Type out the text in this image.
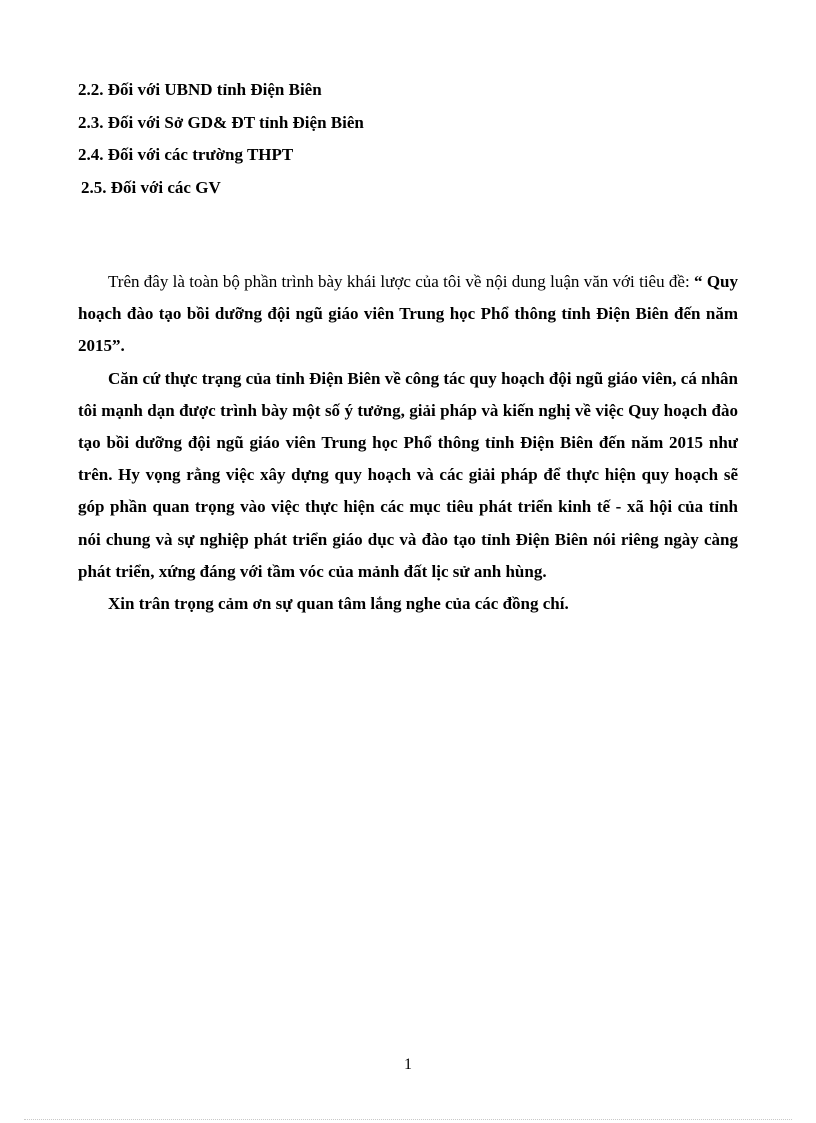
2.2. Đối với UBND tỉnh Điện Biên
2.3. Đối với Sở GD& ĐT tỉnh Điện Biên
2.4. Đối với các trường THPT
2.5. Đối với các GV

Trên đây là toàn bộ phần trình bày khái lược của tôi về nội dung luận văn với tiêu đề: “ Quy hoạch đào tạo bồi dưỡng đội ngũ giáo viên Trung học Phổ thông tỉnh Điện Biên đến năm 2015”.

Căn cứ thực trạng của tỉnh Điện Biên về công tác quy hoạch đội ngũ giáo viên, cá nhân tôi mạnh dạn được trình bày một số ý tưởng, giải pháp và kiến nghị về việc Quy hoạch đào tạo bồi dưỡng đội ngũ giáo viên Trung học Phổ thông tỉnh Điện Biên đến năm 2015 như trên. Hy vọng rằng việc xây dựng quy hoạch và các giải pháp để thực hiện quy hoạch sẽ góp phần quan trọng vào việc thực hiện các mục tiêu phát triển kinh tế - xã hội của tỉnh nói chung và sự nghiệp phát triển giáo dục và đào tạo tỉnh Điện Biên nói riêng ngày càng phát triển, xứng đáng với tầm vóc của mảnh đất lịc sử anh hùng.

Xin trân trọng cảm ơn sự quan tâm lắng nghe của các đồng chí.

1
